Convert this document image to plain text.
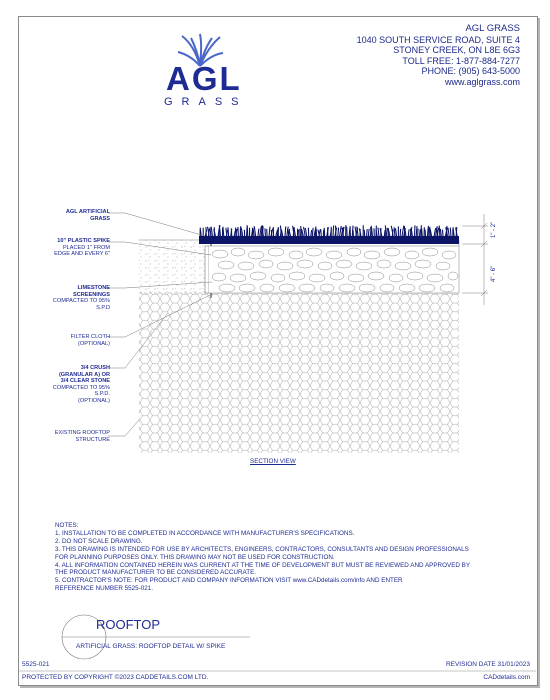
AGL
GRASS
AGL GRASS
1040 SOUTH SERVICE ROAD, SUITE 4
STONEY CREEK, ON L8E 6G3
TOLL FREE: 1-877-884-7277
PHONE: (905) 643-5000
www.aglgrass.com
1" - 2"
4" - 6"
AGL ARTIFICIAL
GRASS
10" PLASTIC SPIKE
PLACED 1" FROM
EDGE AND EVERY 6"
LIMESTONE
SCREENINGS
COMPACTED TO 95%
S.P.D
FILTER CLOTH
(OPTIONAL)
3/4 CRUSH
(GRANULAR A) OR
3/4 CLEAR STONE
COMPACTED TO 95%
S.P.D.
(OPTIONAL)
EXISTING ROOFTOP
STRUCTURE
SECTION VIEW
NOTES:
1. INSTALLATION TO BE COMPLETED IN ACCORDANCE WITH MANUFACTURER'S SPECIFICATIONS.
2. DO NOT SCALE DRAWING.
3. THIS DRAWING IS INTENDED FOR USE BY ARCHITECTS, ENGINEERS, CONTRACTORS, CONSULTANTS AND DESIGN PROFESSIONALS
FOR PLANNING PURPOSES ONLY. THIS DRAWING MAY NOT BE USED FOR CONSTRUCTION.
4. ALL INFORMATION CONTAINED HEREIN WAS CURRENT AT THE TIME OF DEVELOPMENT BUT MUST BE REVIEWED AND APPROVED BY
THE PRODUCT MANUFACTURER TO BE CONSIDERED ACCURATE.
5. CONTRACTOR'S NOTE: FOR PRODUCT AND COMPANY INFORMATION VISIT www.CADdetails.com/info AND ENTER
REFERENCE NUMBER 5525-021.
ROOFTOP
ARTIFICIAL GRASS: ROOFTOP DETAIL W/ SPIKE
5525-021	REVISION DATE 31/01/2023
PROTECTED BY COPYRIGHT ©2023 CADDETAILS.COM LTD.	CADdetails.com
